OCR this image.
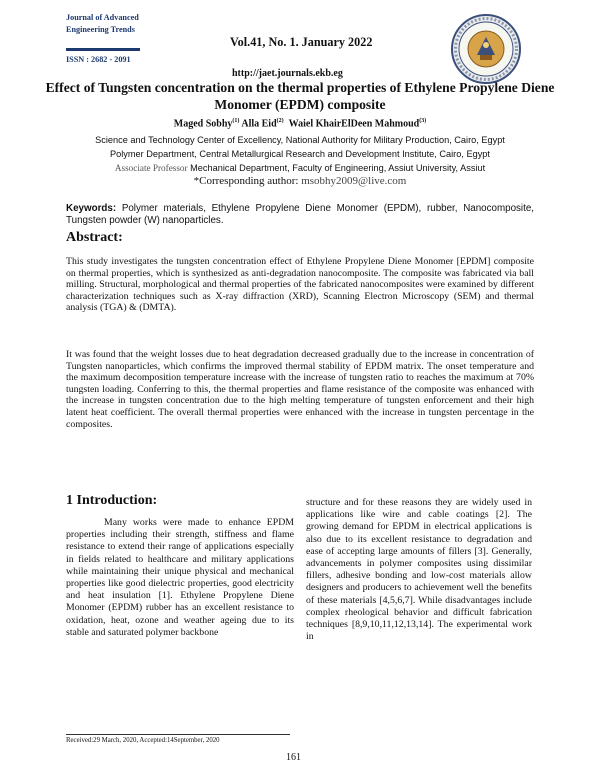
Journal of Advanced
Engineering Trends
ISSN : 2682 - 2091
Vol.41, No. 1. January 2022
http://jaet.journals.ekb.eg
Effect of Tungsten concentration on the thermal properties of Ethylene Propylene Diene Monomer (EPDM) composite
Maged Sobhy$^{(1)}$ Alla Eid$^{(2)}$ Waiel KhairElDeen Mahmoud$^{(3)}$
Science and Technology Center of Excellency, National Authority for Military Production, Cairo, Egypt
Polymer Department, Central Metallurgical Research and Development Institute, Cairo, Egypt
Associate Professor Mechanical Department, Faculty of Engineering, Assiut University, Assiut
*Corresponding author: msobhy2009@live.com
Keywords: Polymer materials, Ethylene Propylene Diene Monomer (EPDM), rubber, Nanocomposite, Tungsten powder (W) nanoparticles.
Abstract:
This study investigates the tungsten concentration effect of Ethylene Propylene Diene Monomer [EPDM] composite on thermal properties, which is synthesized as anti-degradation nanocomposite. The composite was fabricated via ball milling. Structural, morphological and thermal properties of the fabricated nanocomposites were examined by different characterization techniques such as X-ray diffraction (XRD), Scanning Electron Microscopy (SEM) and thermal analysis (TGA) & (DMTA).
It was found that the weight losses due to heat degradation decreased gradually due to the increase in concentration of Tungsten nanoparticles, which confirms the improved thermal stability of EPDM matrix. The onset temperature and the maximum decomposition temperature increase with the increase of tungsten ratio to reaches the maximum at 70% tungsten loading. Conferring to this, the thermal properties and flame resistance of the composite was enhanced with the increase in tungsten concentration due to the high melting temperature of tungsten enforcement and their high latent heat coefficient. The overall thermal properties were enhanced with the increase in tungsten percentage in the composites.
1 Introduction:
Many works were made to enhance EPDM properties including their strength, stiffness and flame resistance to extend their range of applications especially in fields related to healthcare and military applications while maintaining their unique physical and mechanical properties like good dielectric properties, good electricity and heat insulation [1]. Ethylene Propylene Diene Monomer (EPDM) rubber has an excellent resistance to oxidation, heat, ozone and weather ageing due to its stable and saturated polymer backbone
structure and for these reasons they are widely used in applications like wire and cable coatings [2]. The growing demand for EPDM in electrical applications is also due to its excellent resistance to degradation and ease of accepting large amounts of fillers [3]. Generally, advancements in polymer composites using dissimilar fillers, adhesive bonding and low-cost materials allow designers and producers to achievement well the benefits of these materials [4,5,6,7]. While disadvantages include complex rheological behavior and difficult fabrication techniques [8,9,10,11,12,13,14]. The experimental work in
Received:29 March, 2020, Accepted:14September, 2020
161
